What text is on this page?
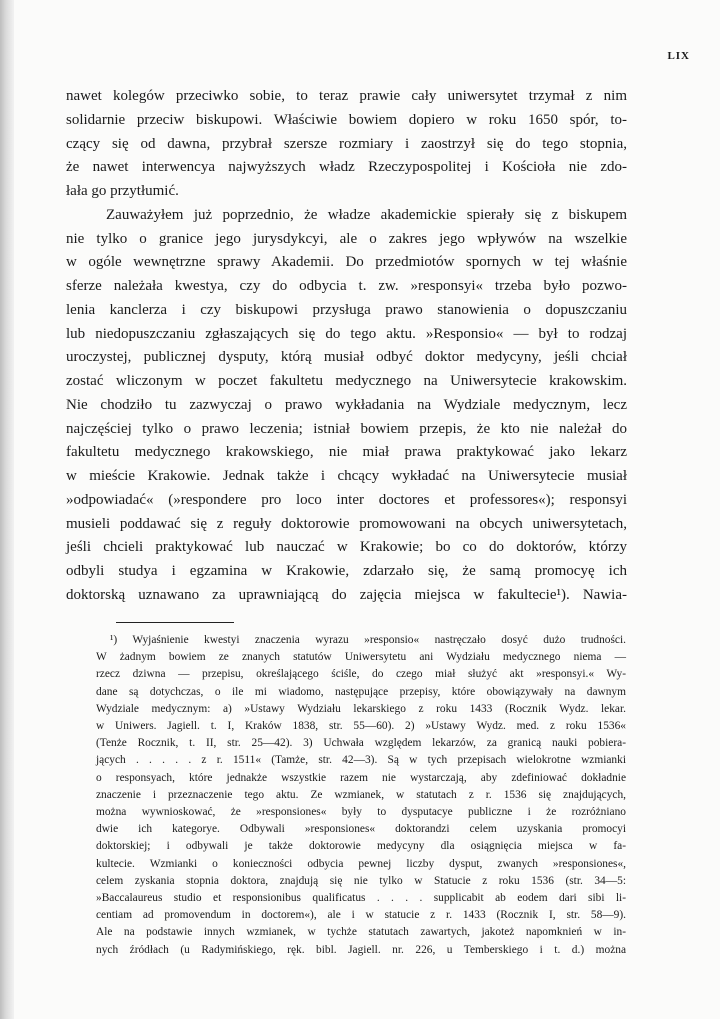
LIX
nawet kolegów przeciwko sobie, to teraz prawie cały uniwersytet trzymał z nim
solidarnie przeciw biskupowi. Właściwie bowiem dopiero w roku 1650 spór, to-
czący się od dawna, przybrał szersze rozmiary i zaostrzył się do tego stopnia,
że nawet interwencya najwyższych władz Rzeczypospolitej i Kościoła nie zdo-
łała go przytłumić.
Zauważyłem już poprzednio, że władze akademickie spierały się z biskupem
nie tylko o granice jego jurysdykcyi, ale o zakres jego wpływów na wszelkie
w ogóle wewnętrzne sprawy Akademii. Do przedmiotów spornych w tej właśnie
sferze należała kwestya, czy do odbycia t. zw. »responsyi« trzeba było pozwo-
lenia kanclerza i czy biskupowi przysługa prawo stanowienia o dopuszczaniu
lub niedopuszczaniu zgłaszających się do tego aktu. »Responsio« — był to rodzaj
uroczystej, publicznej dysputy, którą musiał odbyć doktor medycyny, jeśli chciał
zostać wliczonym w poczet fakultetu medycznego na Uniwersytecie krakowskim.
Nie chodziło tu zazwyczaj o prawo wykładania na Wydziale medycznym, lecz
najczęściej tylko o prawo leczenia; istniał bowiem przepis, że kto nie należał do
fakultetu medycznego krakowskiego, nie miał prawa praktykować jako lekarz
w mieście Krakowie. Jednak także i chcący wykładać na Uniwersytecie musiał
»odpowiadać« (»respondere pro loco inter doctores et professores«); responsyi
musieli poddawać się z reguły doktorowie promowowani na obcych uniwersytetach,
jeśli chcieli praktykować lub nauczać w Krakowie; bo co do doktorów, którzy
odbyli studya i egzamina w Krakowie, zdarzało się, że samą promocyę ich
doktorską uznawano za uprawniającą do zajęcia miejsca w fakultecie¹). Nawia-
¹) Wyjaśnienie kwestyi znaczenia wyrazu »responsio« nastręczało dosyć dużo trudności.
W żadnym bowiem ze znanych statutów Uniwersytetu ani Wydziału medycznego niema —
rzecz dziwna — przepisu, określającego ściśle, do czego miał służyć akt »responsyi.« Wy-
dane są dotychczas, o ile mi wiadomo, następujące przepisy, które obowiązywały na dawnym
Wydziale medycznym: a) »Ustawy Wydziału lekarskiego z roku 1433 (Rocznik Wydz. lekar.
w Uniwers. Jagiell. t. I, Kraków 1838, str. 55—60). 2) »Ustawy Wydz. med. z roku 1536«
(Tenże Rocznik, t. II, str. 25—42). 3) Uchwała względem lekarzów, za granicą nauki pobiera-
jących . . . . . z r. 1511« (Tamże, str. 42—3). Są w tych przepisach wielokrotne wzmianki
o responsyach, które jednakże wszystkie razem nie wystarczają, aby zdefiniować dokładnie
znaczenie i przeznaczenie tego aktu. Ze wzmianek, w statutach z r. 1536 się znajdujących,
można wywnioskować, że »responsiones« były to dysputacye publiczne i że rozróżniano
dwie ich kategorye. Odbywali »responsiones« doktorandzi celem uzyskania promocyi
doktorskiej; i odbywali je także doktorowie medycyny dla osiągnięcia miejsca w fa-
kultecie. Wzmianki o konieczności odbycia pewnej liczby dysput, zwanych »responsiones«,
celem zyskania stopnia doktora, znajdują się nie tylko w Statucie z roku 1536 (str. 34—5:
»Baccalaureus studio et responsionibus qualificatus . . . . supplicabit ab eodem dari sibi li-
centiam ad promovendum in doctorem«), ale i w statucie z r. 1433 (Rocznik I, str. 58—9).
Ale na podstawie innych wzmianek, w tychże statutach zawartych, jakoteż napomknień w in-
nych źródłach (u Radymińskiego, ręk. bibl. Jagiell. nr. 226, u Temberskiego i t. d.) można
